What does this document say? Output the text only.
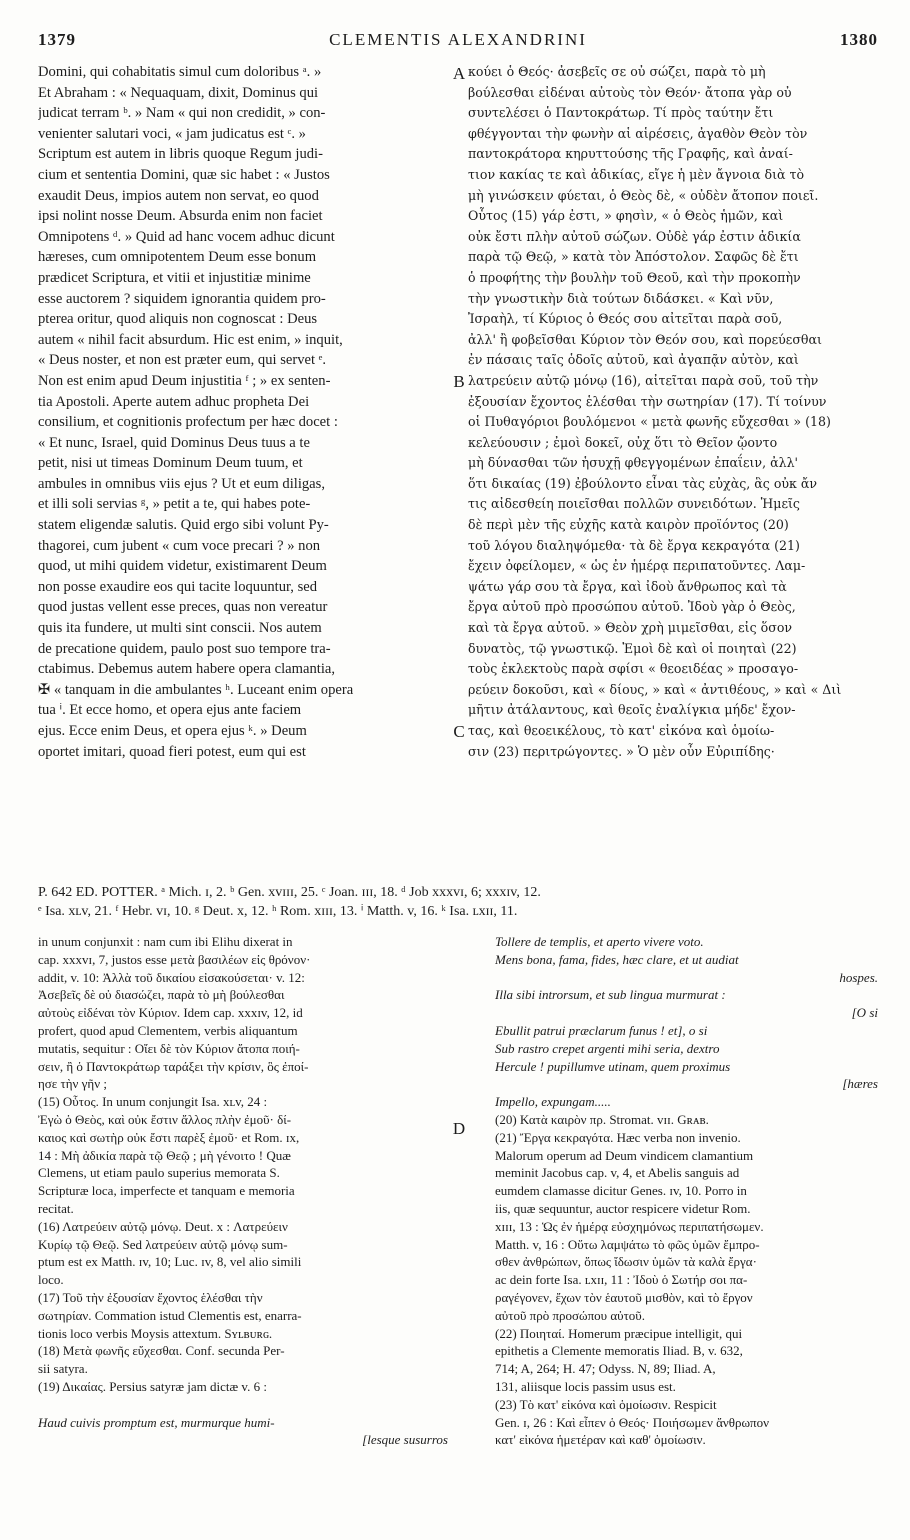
1379	CLEMENTIS ALEXANDRINI	1380
Domini, qui cohabitatis simul cum doloribus ᵃ. »
Et Abraham : « Nequaquam, dixit, Dominus qui
judicat terram ᵇ. » Nam « qui non credidit, » con-
venienter salutari voci, « jam judicatus est ᶜ. »
Scriptum est autem in libris quoque Regum judi-
cium et sententia Domini, quæ sic habet : « Justos
exaudit Deus, impios autem non servat, eo quod
ipsi nolint nosse Deum. Absurda enim non faciet
Omnipotens ᵈ. » Quid ad hanc vocem adhuc dicunt
hæreses, cum omnipotentem Deum esse bonum
prædicet Scriptura, et vitii et injustitiæ minime
esse auctorem ? siquidem ignorantia quidem pro-
pterea oritur, quod aliquis non cognoscat : Deus
autem « nihil facit absurdum. Hic est enim, » inquit,
« Deus noster, et non est præter eum, qui servet ᵉ.
Non est enim apud Deum injustitia ᶠ ; » ex senten-
tia Apostoli. Aperte autem adhuc propheta Dei
consilium, et cognitionis profectum per hæc docet :
« Et nunc, Israel, quid Dominus Deus tuus a te
petit, nisi ut timeas Dominum Deum tuum, et
ambules in omnibus viis ejus ? Ut et eum diligas,
et illi soli servias ᵍ, » petit a te, qui habes pote-
statem eligendæ salutis. Quid ergo sibi volunt Py-
thagorei, cum jubent « cum voce precari ? » non
quod, ut mihi quidem videtur, existimarent Deum
non posse exaudire eos qui tacite loquuntur, sed
quod justas vellent esse preces, quas non vereatur
quis ita fundere, ut multi sint conscii. Nos autem
de precatione quidem, paulo post suo tempore tra-
ctabimus. Debemus autem habere opera clamantia,
✠ « tanquam in die ambulantes ʰ. Luceant enim opera
tua ⁱ. Et ecce homo, et opera ejus ante faciem
ejus. Ecce enim Deus, et opera ejus ᵏ. » Deum
oportet imitari, quoad fieri potest, eum qui est
κούει ὁ Θεός· ἀσεβεῖς σε οὐ σώζει, παρὰ τὸ μὴ
βούλεσθαι εἰδέναι αὐτοὺς τὸν Θεόν· ἄτοπα γὰρ οὐ
συντελέσει ὁ Παντοκράτωρ. Τί πρὸς ταύτην ἔτι
φθέγγονται τὴν φωνὴν αἱ αἱρέσεις, ἀγαθὸν Θεὸν τὸν
παντοκράτορα κηρυττούσης τῆς Γραφῆς, καὶ ἀναί-
τιον κακίας τε καὶ ἀδικίας, εἴγε ἡ μὲν ἄγνοια διὰ τὸ
μὴ γινώσκειν φύεται, ὁ Θεὸς δὲ, « οὐδὲν ἄτοπον ποιεῖ.
Οὗτος (15) γάρ ἐστι, » φησὶν, « ὁ Θεὸς ἡμῶν, καὶ
οὐκ ἔστι πλὴν αὐτοῦ σώζων. Οὐδὲ γάρ ἐστιν ἀδικία
παρὰ τῷ Θεῷ, » κατὰ τὸν Ἀπόστολον. Σαφῶς δὲ ἔτι
ὁ προφήτης τὴν βουλὴν τοῦ Θεοῦ, καὶ τὴν προκοπὴν
τὴν γνωστικὴν διὰ τούτων διδάσκει. « Καὶ νῦν,
Ἰσραὴλ, τί Κύριος ὁ Θεός σου αἰτεῖται παρὰ σοῦ,
ἀλλ' ἢ φοβεῖσθαι Κύριον τὸν Θεόν σου, καὶ πορεύεσθαι
ἐν πάσαις ταῖς ὁδοῖς αὐτοῦ, καὶ ἀγαπᾷν αὐτὸν, καὶ
λατρεύειν αὐτῷ μόνῳ (16), αἰτεῖται παρὰ σοῦ, τοῦ τὴν
ἐξουσίαν ἔχοντος ἑλέσθαι τὴν σωτηρίαν (17). Τί τοίνυν
οἱ Πυθαγόριοι βουλόμενοι « μετὰ φωνῆς εὔχεσθαι » (18)
κελεύουσιν ; ἐμοὶ δοκεῖ, οὐχ ὅτι τὸ Θεῖον ᾤοντο
μὴ δύνασθαι τῶν ἡσυχῇ φθεγγομένων ἐπαΐειν, ἀλλ'
ὅτι δικαίας (19) ἐβούλοντο εἶναι τὰς εὐχὰς, ἃς οὐκ ἄν
τις αἰδεσθείη ποιεῖσθαι πολλῶν συνειδότων. Ἡμεῖς
δὲ περὶ μὲν τῆς εὐχῆς κατὰ καιρὸν προϊόντος (20)
τοῦ λόγου διαληψόμεθα· τὰ δὲ ἔργα κεκραγότα (21)
ἔχειν ὀφείλομεν, « ὡς ἐν ἡμέρᾳ περιπατοῦντες. Λαμ-
ψάτω γάρ σου τὰ ἔργα, καὶ ἰδοὺ ἄνθρωπος καὶ τὰ
ἔργα αὐτοῦ πρὸ προσώπου αὐτοῦ. Ἰδοὺ γὰρ ὁ Θεὸς,
καὶ τὰ ἔργα αὐτοῦ. » Θεὸν χρὴ μιμεῖσθαι, εἰς ὅσον
δυνατὸς, τῷ γνωστικῷ. Ἐμοὶ δὲ καὶ οἱ ποιηταὶ (22)
τοὺς ἐκλεκτοὺς παρὰ σφίσι « θεοειδέας » προσαγο-
ρεύειν δοκοῦσι, καὶ « δίους, » καὶ « ἀντιθέους, » καὶ « Διὶ
μῆτιν ἀτάλαντους, καὶ θεοῖς ἐναλίγκια μήδε' ἔχον-
τας, καὶ θεοεικέλους, τὸ κατ' εἰκόνα καὶ ὁμοίω-
σιν (23) περιτρώγοντες. » Ὁ μὲν οὖν Εὐριπίδης·
A
B
C
D
P. 642 ED. POTTER. ᵃ Mich. ɪ, 2. ᵇ Gen. xvɪɪɪ, 25. ᶜ Joan. ɪɪɪ, 18. ᵈ Job xxxvɪ, 6; xxxɪv, 12.
ᵉ Isa. xʟv, 21. ᶠ Hebr. vɪ, 10. ᵍ Deut. x, 12. ʰ Rom. xɪɪɪ, 13. ⁱ Matth. v, 16. ᵏ Isa. ʟxɪɪ, 11.
in unum conjunxit : nam cum ibi Elihu dixerat in
cap. xxxvɪ, 7, justos esse μετὰ βασιλέων εἰς θρόνον·
addit, v. 10: Ἀλλὰ τοῦ δικαίου εἰσακούσεται· v. 12:
Ἀσεβεῖς δὲ οὐ διασώζει, παρὰ τὸ μὴ βούλεσθαι
αὐτοὺς εἰδέναι τὸν Κύριον. Idem cap. xxxɪv, 12, id
profert, quod apud Clementem, verbis aliquantum
mutatis, sequitur : Οἴει δὲ τὸν Κύριον ἄτοπα ποιή-
σειν, ἢ ὁ Παντοκράτωρ ταράξει τὴν κρίσιν, ὃς ἐποί-
ησε τὴν γῆν ;
(15) Οὗτος. In unum conjungit Isa. xʟv, 24 :
Ἐγὼ ὁ Θεὸς, καὶ οὐκ ἔστιν ἄλλος πλὴν ἐμοῦ· δί-
καιος καὶ σωτὴρ οὐκ ἔστι παρὲξ ἐμοῦ· et Rom. ɪx,
14 : Μὴ ἀδικία παρὰ τῷ Θεῷ ; μὴ γένοιτο ! Quæ
Clemens, ut etiam paulo superius memorata S.
Scripturæ loca, imperfecte et tanquam e memoria
recitat.
(16) Λατρεύειν αὐτῷ μόνῳ. Deut. x : Λατρεύειν
Κυρίῳ τῷ Θεῷ. Sed λατρεύειν αὐτῷ μόνῳ sum-
ptum est ex Matth. ɪv, 10; Luc. ɪv, 8, vel alio simili
loco.
(17) Τοῦ τὴν ἐξουσίαν ἔχοντος ἑλέσθαι τὴν
σωτηρίαν. Commation istud Clementis est, enarra-
tionis loco verbis Moysis attextum. Sʏʟʙᴜʀɢ.
(18) Μετὰ φωνῆς εὔχεσθαι. Conf. secunda Per-
sii satyra.
(19) Δικαίας. Persius satyræ jam dictæ v. 6 :
Haud cuivis promptum est, murmurque humi-
[lesque susurros
Tollere de templis, et aperto vivere voto.
Mens bona, fama, fides, hæc clare, et ut audiat
hospes.
Illa sibi introrsum, et sub lingua murmurat :
[O si
Ebullit patrui præclarum funus ! et], o si
Sub rastro crepet argenti mihi seria, dextro
Hercule ! pupillumve utinam, quem proximus
[hæres
Impello, expungam.....
(20) Κατὰ καιρὸν πρ. Stromat. vɪɪ. Gʀᴀʙ.
(21) Ἔργα κεκραγότα. Hæc verba non invenio.
Malorum operum ad Deum vindicem clamantium
meminit Jacobus cap. v, 4, et Abelis sanguis ad
eumdem clamasse dicitur Genes. ɪv, 10. Porro in
iis, quæ sequuntur, auctor respicere videtur Rom.
xɪɪɪ, 13 : Ὡς ἐν ἡμέρᾳ εὐσχημόνως περιπατήσωμεν.
Matth. v, 16 : Οὕτω λαμψάτω τὸ φῶς ὑμῶν ἔμπρο-
σθεν ἀνθρώπων, ὅπως ἴδωσιν ὑμῶν τὰ καλὰ ἔργα·
ac dein forte Isa. ʟxɪɪ, 11 : Ἰδοὺ ὁ Σωτήρ σοι πα-
ραγέγονεν, ἔχων τὸν ἑαυτοῦ μισθὸν, καὶ τὸ ἔργον
αὐτοῦ πρὸ προσώπου αὐτοῦ.
(22) Ποιηταί. Homerum præcipue intelligit, qui
epithetis a Clemente memoratis Iliad. B, v. 632,
714; A, 264; H. 47; Odyss. N, 89; Iliad. A,
131, aliisque locis passim usus est.
(23) Τὸ κατ' εἰκόνα καὶ ὁμοίωσιν. Respicit
Gen. ɪ, 26 : Καὶ εἶπεν ὁ Θεός· Ποιήσωμεν ἄνθρωπον
κατ' εἰκόνα ἡμετέραν καὶ καθ' ὁμοίωσιν.
